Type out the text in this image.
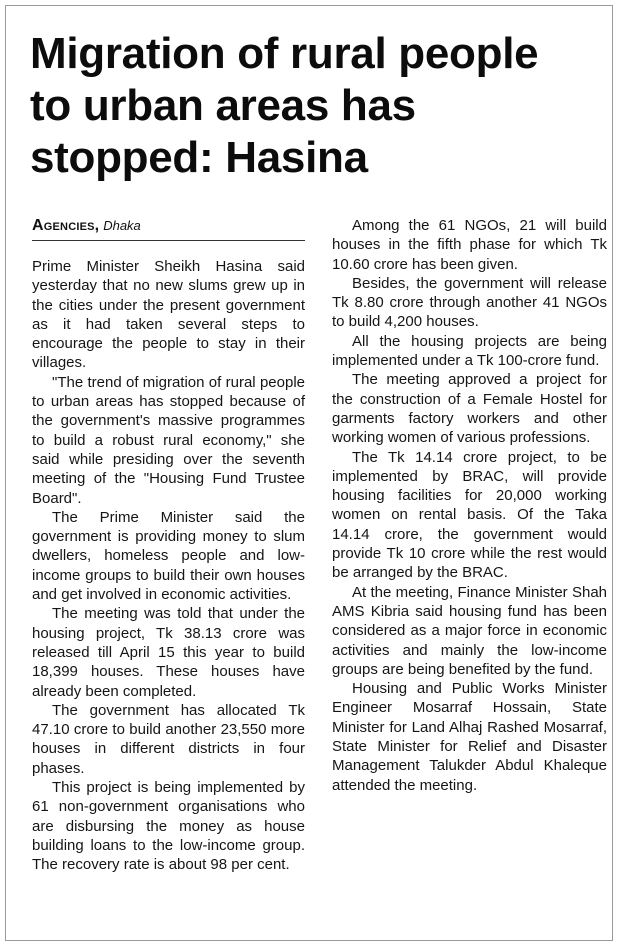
Migration of rural people
to urban areas has
stopped: Hasina
Agencies, Dhaka

Prime Minister Sheikh Hasina said yesterday that no new slums grew up in the cities under the present government as it had taken several steps to encourage the people to stay in their villages.

"The trend of migration of rural people to urban areas has stopped because of the government's massive programmes to build a robust rural economy," she said while presiding over the seventh meeting of the "Housing Fund Trustee Board".

The Prime Minister said the government is providing money to slum dwellers, homeless people and low-income groups to build their own houses and get involved in economic activities.

The meeting was told that under the housing project, Tk 38.13 crore was released till April 15 this year to build 18,399 houses. These houses have already been completed.

The government has allocated Tk 47.10 crore to build another 23,550 more houses in different districts in four phases.

This project is being implemented by 61 non-government organisations who are disbursing the money as house building loans to the low-income group. The recovery rate is about 98 per cent.

Among the 61 NGOs, 21 will build houses in the fifth phase for which Tk 10.60 crore has been given.

Besides, the government will release Tk 8.80 crore through another 41 NGOs to build 4,200 houses.

All the housing projects are being implemented under a Tk 100-crore fund.

The meeting approved a project for the construction of a Female Hostel for garments factory workers and other working women of various professions.

The Tk 14.14 crore project, to be implemented by BRAC, will provide housing facilities for 20,000 working women on rental basis. Of the Taka 14.14 crore, the government would provide Tk 10 crore while the rest would be arranged by the BRAC.

At the meeting, Finance Minister Shah AMS Kibria said housing fund has been considered as a major force in economic activities and mainly the low-income groups are being benefited by the fund.

Housing and Public Works Minister Engineer Mosarraf Hossain, State Minister for Land Alhaj Rashed Mosarraf, State Minister for Relief and Disaster Management Talukder Abdul Khaleque attended the meeting.
